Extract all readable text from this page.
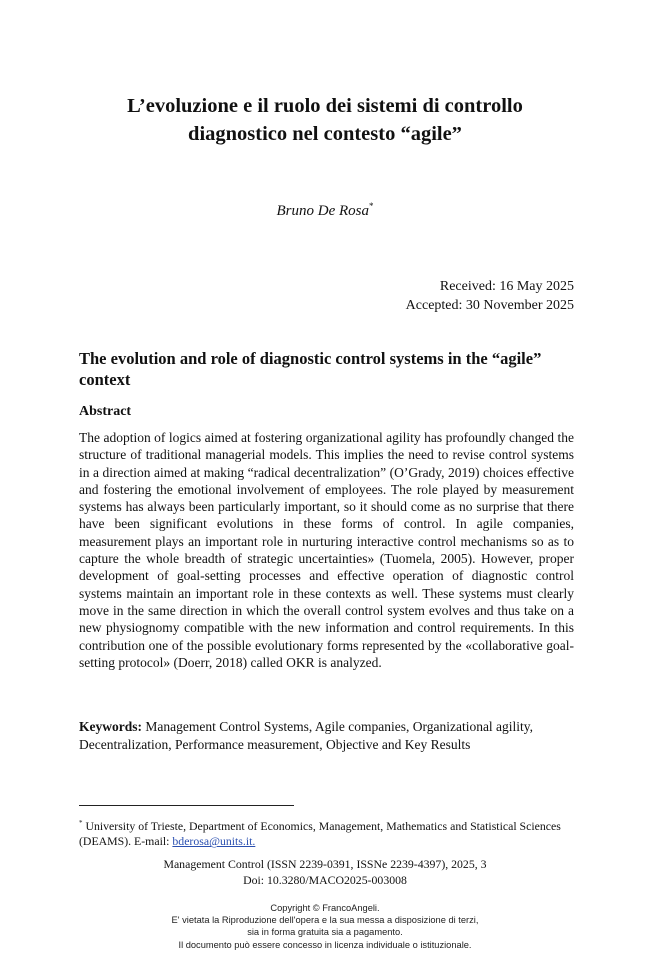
L’evoluzione e il ruolo dei sistemi di controllo
diagnostico nel contesto “agile”
Bruno De Rosa*
Received: 16 May 2025
Accepted: 30 November 2025
The evolution and role of diagnostic control systems in the “agile” context
Abstract
The adoption of logics aimed at fostering organizational agility has profoundly changed the structure of traditional managerial models. This implies the need to revise control systems in a direction aimed at making “radical decentralization” (O’Grady, 2019) choices effective and fostering the emotional involvement of employees. The role played by measurement systems has always been particularly important, so it should come as no surprise that there have been significant evolutions in these forms of control. In agile companies, measurement plays an important role in nurturing interactive control mechanisms so as to capture the whole breadth of strategic uncertainties» (Tuomela, 2005). However, proper development of goal-setting processes and effective operation of diagnostic control systems maintain an important role in these contexts as well. These systems must clearly move in the same direction in which the overall control system evolves and thus take on a new physiognomy compatible with the new information and control requirements. In this contribution one of the possible evolutionary forms represented by the «collaborative goal-setting protocol» (Doerr, 2018) called OKR is analyzed.
Keywords: Management Control Systems, Agile companies, Organizational agility, Decentralization, Performance measurement, Objective and Key Results
* University of Trieste, Department of Economics, Management, Mathematics and Statistical Sciences (DEAMS). E-mail: bderosa@units.it.
Management Control (ISSN 2239-0391, ISSNe 2239-4397), 2025, 3
Doi: 10.3280/MACO2025-003008
Copyright © FrancoAngeli.
E' vietata la Riproduzione dell'opera e la sua messa a disposizione di terzi,
sia in forma gratuita sia a pagamento.
Il documento può essere concesso in licenza individuale o istituzionale.
